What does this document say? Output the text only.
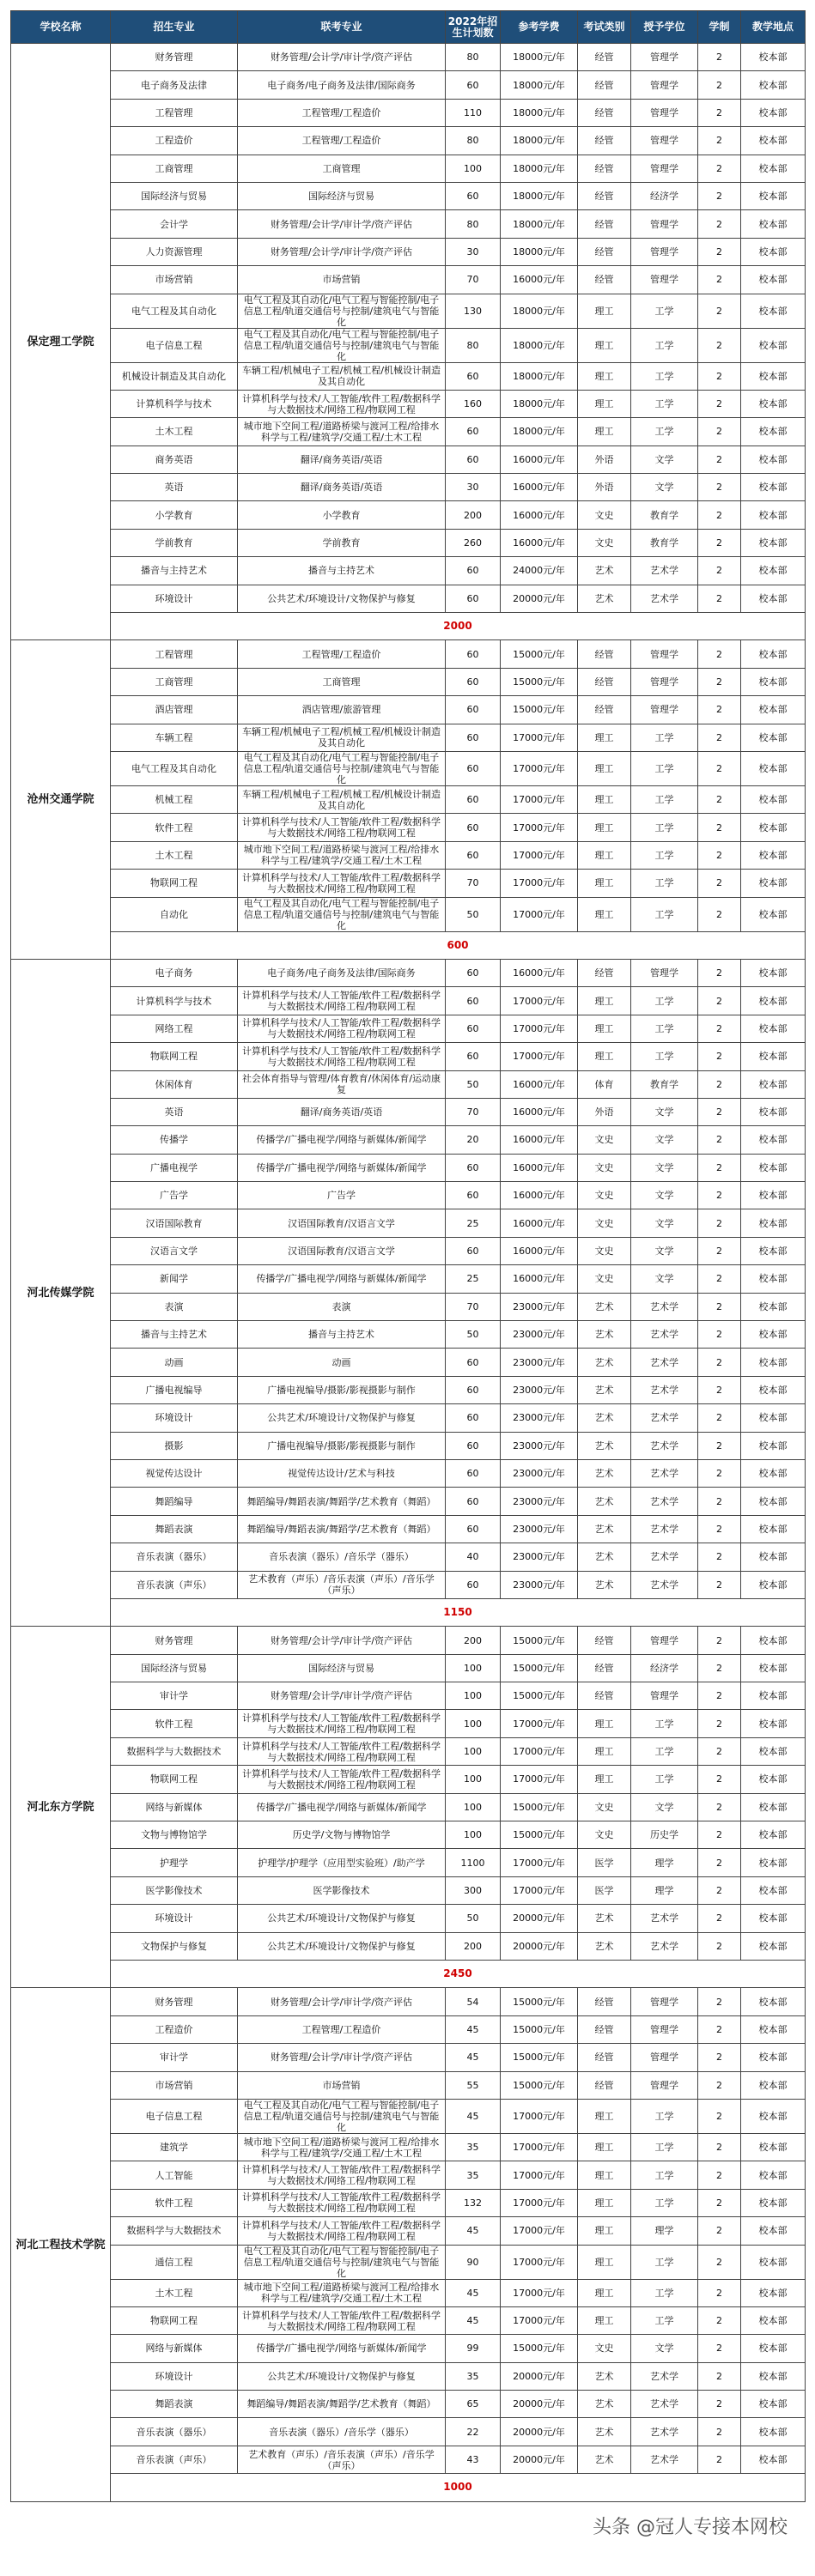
学校名称	招生专业	联考专业	2022年招生计划数	参考学费	考试类别	授予学位	学制	教学地点
保定理工学院	财务管理	财务管理/会计学/审计学/资产评估	80	18000元/年	经管	管理学	2	校本部
	电子商务及法律	电子商务/电子商务及法律/国际商务	60	18000元/年	经管	管理学	2	校本部
	工程管理	工程管理/工程造价	110	18000元/年	经管	管理学	2	校本部
	工程造价	工程管理/工程造价	80	18000元/年	经管	管理学	2	校本部
	工商管理	工商管理	100	18000元/年	经管	管理学	2	校本部
	国际经济与贸易	国际经济与贸易	60	18000元/年	经管	经济学	2	校本部
	会计学	财务管理/会计学/审计学/资产评估	80	18000元/年	经管	管理学	2	校本部
	人力资源管理	财务管理/会计学/审计学/资产评估	30	18000元/年	经管	管理学	2	校本部
	市场营销	市场营销	70	16000元/年	经管	管理学	2	校本部
	电气工程及其自动化	电气工程及其自动化/电气工程与智能控制/电子信息工程/轨道交通信号与控制/建筑电气与智能化	130	18000元/年	理工	工学	2	校本部
	电子信息工程	电气工程及其自动化/电气工程与智能控制/电子信息工程/轨道交通信号与控制/建筑电气与智能化	80	18000元/年	理工	工学	2	校本部
	机械设计制造及其自动化	车辆工程/机械电子工程/机械工程/机械设计制造及其自动化	60	18000元/年	理工	工学	2	校本部
	计算机科学与技术	计算机科学与技术/人工智能/软件工程/数据科学与大数据技术/网络工程/物联网工程	160	18000元/年	理工	工学	2	校本部
	土木工程	城市地下空间工程/道路桥梁与渡河工程/给排水科学与工程/建筑学/交通工程/土木工程	60	18000元/年	理工	工学	2	校本部
	商务英语	翻译/商务英语/英语	60	16000元/年	外语	文学	2	校本部
	英语	翻译/商务英语/英语	30	16000元/年	外语	文学	2	校本部
	小学教育	小学教育	200	16000元/年	文史	教育学	2	校本部
	学前教育	学前教育	260	16000元/年	文史	教育学	2	校本部
	播音与主持艺术	播音与主持艺术	60	24000元/年	艺术	艺术学	2	校本部
	环境设计	公共艺术/环境设计/文物保护与修复	60	20000元/年	艺术	艺术学	2	校本部
	2000							
沧州交通学院	工程管理	工程管理/工程造价	60	15000元/年	经管	管理学	2	校本部
	工商管理	工商管理	60	15000元/年	经管	管理学	2	校本部
	酒店管理	酒店管理/旅游管理	60	15000元/年	经管	管理学	2	校本部
	车辆工程	车辆工程/机械电子工程/机械工程/机械设计制造及其自动化	60	17000元/年	理工	工学	2	校本部
	电气工程及其自动化	电气工程及其自动化/电气工程与智能控制/电子信息工程/轨道交通信号与控制/建筑电气与智能化	60	17000元/年	理工	工学	2	校本部
	机械工程	车辆工程/机械电子工程/机械工程/机械设计制造及其自动化	60	17000元/年	理工	工学	2	校本部
	软件工程	计算机科学与技术/人工智能/软件工程/数据科学与大数据技术/网络工程/物联网工程	60	17000元/年	理工	工学	2	校本部
	土木工程	城市地下空间工程/道路桥梁与渡河工程/给排水科学与工程/建筑学/交通工程/土木工程	60	17000元/年	理工	工学	2	校本部
	物联网工程	计算机科学与技术/人工智能/软件工程/数据科学与大数据技术/网络工程/物联网工程	70	17000元/年	理工	工学	2	校本部
	自动化	电气工程及其自动化/电气工程与智能控制/电子信息工程/轨道交通信号与控制/建筑电气与智能化	50	17000元/年	理工	工学	2	校本部
	600							
河北传媒学院	电子商务	电子商务/电子商务及法律/国际商务	60	16000元/年	经管	管理学	2	校本部
	计算机科学与技术	计算机科学与技术/人工智能/软件工程/数据科学与大数据技术/网络工程/物联网工程	60	17000元/年	理工	工学	2	校本部
	网络工程	计算机科学与技术/人工智能/软件工程/数据科学与大数据技术/网络工程/物联网工程	60	17000元/年	理工	工学	2	校本部
	物联网工程	计算机科学与技术/人工智能/软件工程/数据科学与大数据技术/网络工程/物联网工程	60	17000元/年	理工	工学	2	校本部
	休闲体育	社会体育指导与管理/体育教育/休闲体育/运动康复	50	16000元/年	体育	教育学	2	校本部
	英语	翻译/商务英语/英语	70	16000元/年	外语	文学	2	校本部
	传播学	传播学/广播电视学/网络与新媒体/新闻学	20	16000元/年	文史	文学	2	校本部
	广播电视学	传播学/广播电视学/网络与新媒体/新闻学	60	16000元/年	文史	文学	2	校本部
	广告学	广告学	60	16000元/年	文史	文学	2	校本部
	汉语国际教育	汉语国际教育/汉语言文学	25	16000元/年	文史	文学	2	校本部
	汉语言文学	汉语国际教育/汉语言文学	60	16000元/年	文史	文学	2	校本部
	新闻学	传播学/广播电视学/网络与新媒体/新闻学	25	16000元/年	文史	文学	2	校本部
	表演	表演	70	23000元/年	艺术	艺术学	2	校本部
	播音与主持艺术	播音与主持艺术	50	23000元/年	艺术	艺术学	2	校本部
	动画	动画	60	23000元/年	艺术	艺术学	2	校本部
	广播电视编导	广播电视编导/摄影/影视摄影与制作	60	23000元/年	艺术	艺术学	2	校本部
	环境设计	公共艺术/环境设计/文物保护与修复	60	23000元/年	艺术	艺术学	2	校本部
	摄影	广播电视编导/摄影/影视摄影与制作	60	23000元/年	艺术	艺术学	2	校本部
	视觉传达设计	视觉传达设计/艺术与科技	60	23000元/年	艺术	艺术学	2	校本部
	舞蹈编导	舞蹈编导/舞蹈表演/舞蹈学/艺术教育（舞蹈）	60	23000元/年	艺术	艺术学	2	校本部
	舞蹈表演	舞蹈编导/舞蹈表演/舞蹈学/艺术教育（舞蹈）	60	23000元/年	艺术	艺术学	2	校本部
	音乐表演（器乐）	音乐表演（器乐）/音乐学（器乐）	40	23000元/年	艺术	艺术学	2	校本部
	音乐表演（声乐）	艺术教育（声乐）/音乐表演（声乐）/音乐学（声乐）	60	23000元/年	艺术	艺术学	2	校本部
	1150							
河北东方学院	财务管理	财务管理/会计学/审计学/资产评估	200	15000元/年	经管	管理学	2	校本部
	国际经济与贸易	国际经济与贸易	100	15000元/年	经管	经济学	2	校本部
	审计学	财务管理/会计学/审计学/资产评估	100	15000元/年	经管	管理学	2	校本部
	软件工程	计算机科学与技术/人工智能/软件工程/数据科学与大数据技术/网络工程/物联网工程	100	17000元/年	理工	工学	2	校本部
	数据科学与大数据技术	计算机科学与技术/人工智能/软件工程/数据科学与大数据技术/网络工程/物联网工程	100	17000元/年	理工	工学	2	校本部
	物联网工程	计算机科学与技术/人工智能/软件工程/数据科学与大数据技术/网络工程/物联网工程	100	17000元/年	理工	工学	2	校本部
	网络与新媒体	传播学/广播电视学/网络与新媒体/新闻学	100	15000元/年	文史	文学	2	校本部
	文物与博物馆学	历史学/文物与博物馆学	100	15000元/年	文史	历史学	2	校本部
	护理学	护理学/护理学（应用型实验班）/助产学	1100	17000元/年	医学	理学	2	校本部
	医学影像技术	医学影像技术	300	17000元/年	医学	理学	2	校本部
	环境设计	公共艺术/环境设计/文物保护与修复	50	20000元/年	艺术	艺术学	2	校本部
	文物保护与修复	公共艺术/环境设计/文物保护与修复	200	20000元/年	艺术	艺术学	2	校本部
	2450							
河北工程技术学院	财务管理	财务管理/会计学/审计学/资产评估	54	15000元/年	经管	管理学	2	校本部
	工程造价	工程管理/工程造价	45	15000元/年	经管	管理学	2	校本部
	审计学	财务管理/会计学/审计学/资产评估	45	15000元/年	经管	管理学	2	校本部
	市场营销	市场营销	55	15000元/年	经管	管理学	2	校本部
	电子信息工程	电气工程及其自动化/电气工程与智能控制/电子信息工程/轨道交通信号与控制/建筑电气与智能化	45	17000元/年	理工	工学	2	校本部
	建筑学	城市地下空间工程/道路桥梁与渡河工程/给排水科学与工程/建筑学/交通工程/土木工程	35	17000元/年	理工	工学	2	校本部
	人工智能	计算机科学与技术/人工智能/软件工程/数据科学与大数据技术/网络工程/物联网工程	35	17000元/年	理工	工学	2	校本部
	软件工程	计算机科学与技术/人工智能/软件工程/数据科学与大数据技术/网络工程/物联网工程	132	17000元/年	理工	工学	2	校本部
	数据科学与大数据技术	计算机科学与技术/人工智能/软件工程/数据科学与大数据技术/网络工程/物联网工程	45	17000元/年	理工	理学	2	校本部
	通信工程	电气工程及其自动化/电气工程与智能控制/电子信息工程/轨道交通信号与控制/建筑电气与智能化	90	17000元/年	理工	工学	2	校本部
	土木工程	城市地下空间工程/道路桥梁与渡河工程/给排水科学与工程/建筑学/交通工程/土木工程	45	17000元/年	理工	工学	2	校本部
	物联网工程	计算机科学与技术/人工智能/软件工程/数据科学与大数据技术/网络工程/物联网工程	45	17000元/年	理工	工学	2	校本部
	网络与新媒体	传播学/广播电视学/网络与新媒体/新闻学	99	15000元/年	文史	文学	2	校本部
	环境设计	公共艺术/环境设计/文物保护与修复	35	20000元/年	艺术	艺术学	2	校本部
	舞蹈表演	舞蹈编导/舞蹈表演/舞蹈学/艺术教育（舞蹈）	65	20000元/年	艺术	艺术学	2	校本部
	音乐表演（器乐）	音乐表演（器乐）/音乐学（器乐）	22	20000元/年	艺术	艺术学	2	校本部
	音乐表演（声乐）	艺术教育（声乐）/音乐表演（声乐）/音乐学（声乐）	43	20000元/年	艺术	艺术学	2	校本部
	1000							
头条 @冠人专接本网校
